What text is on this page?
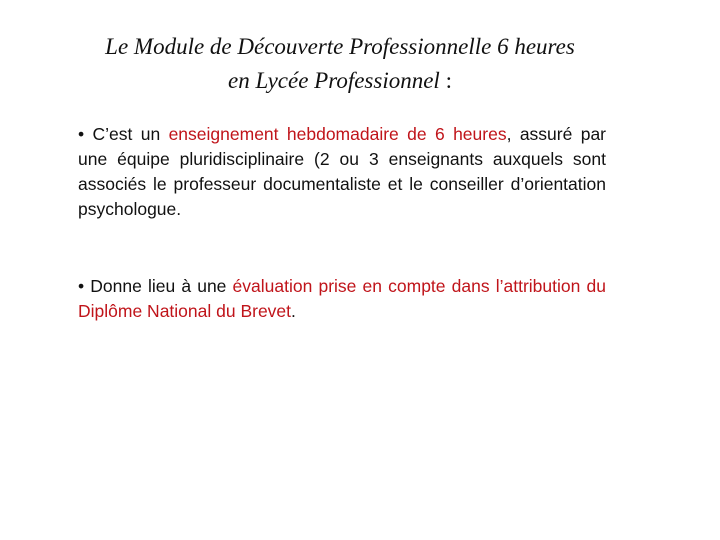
Le Module de Découverte Professionnelle 6 heures
en Lycée Professionnel :
• C’est un enseignement hebdomadaire de 6 heures, assuré par une équipe pluridisciplinaire (2 ou 3 enseignants auxquels sont associés le professeur documentaliste et le conseiller d’orientation psychologue.
• Donne lieu à une évaluation prise en compte dans l’attribution du Diplôme National du Brevet.
